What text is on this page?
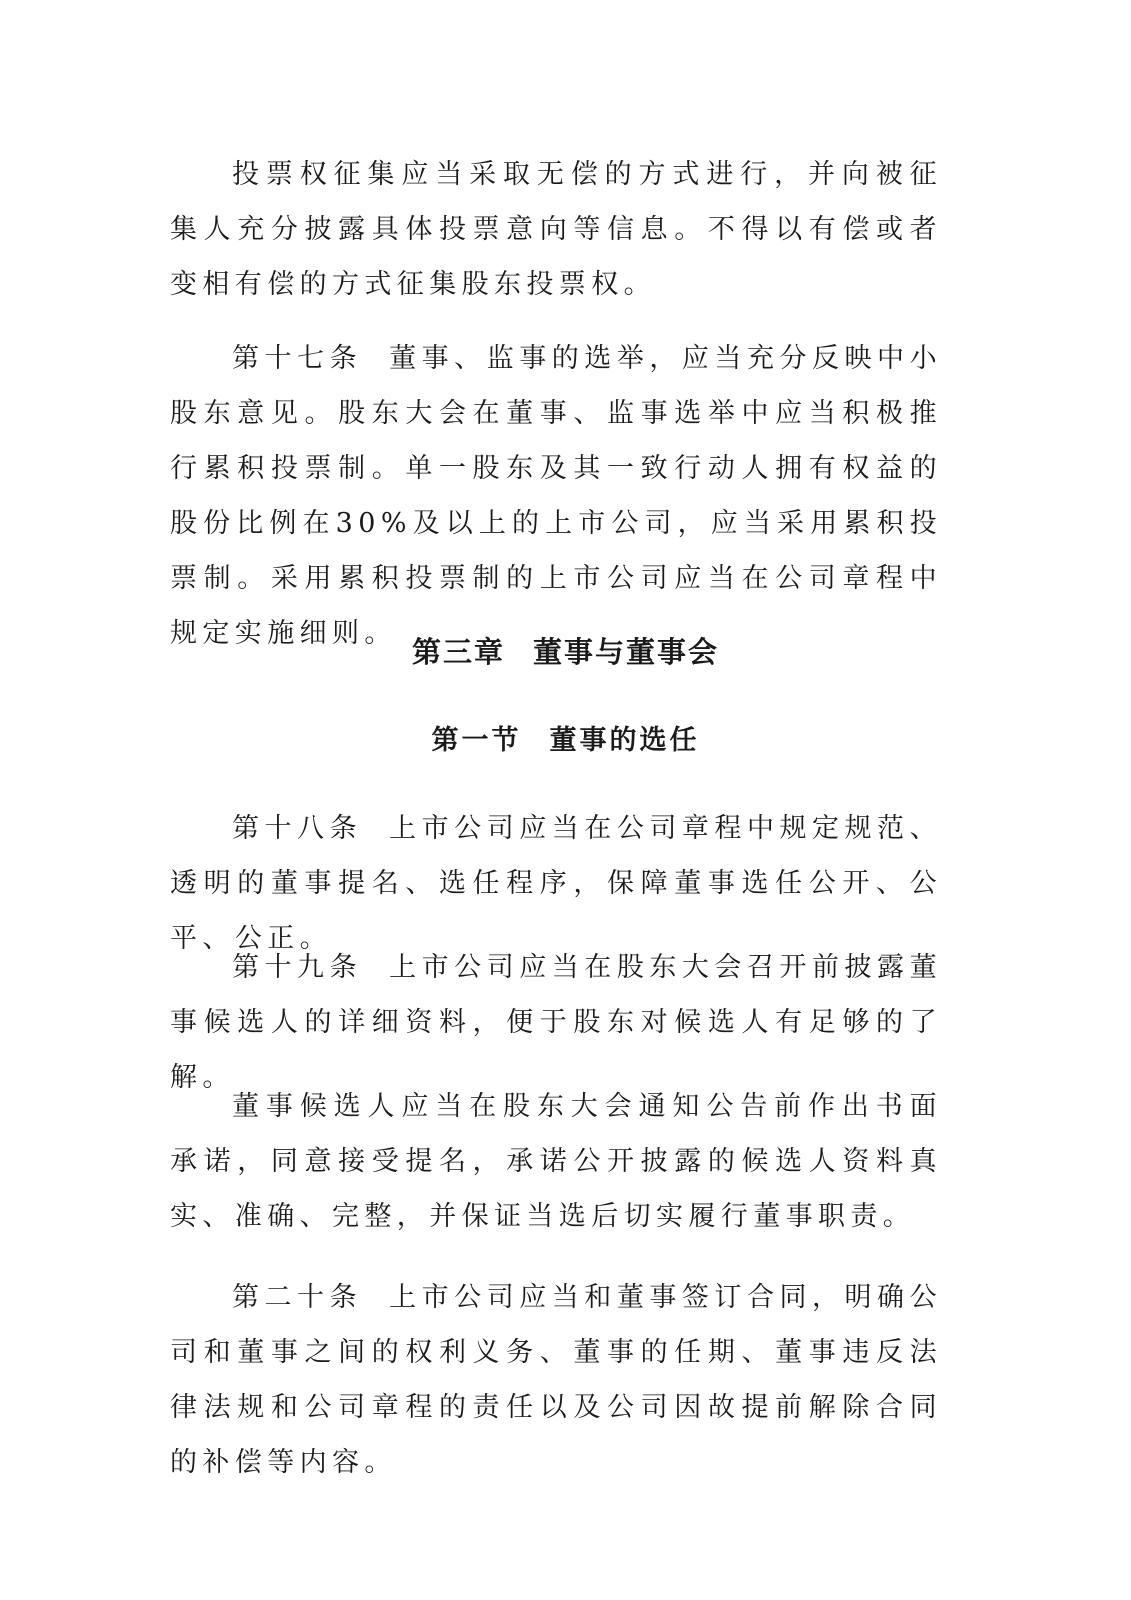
投票权征集应当采取无偿的方式进行，并向被征集人充分披露具体投票意向等信息。不得以有偿或者变相有偿的方式征集股东投票权。

第十七条 董事、监事的选举，应当充分反映中小股东意见。股东大会在董事、监事选举中应当积极推行累积投票制。单一股东及其一致行动人拥有权益的股份比例在30%及以上的上市公司，应当采用累积投票制。采用累积投票制的上市公司应当在公司章程中规定实施细则。

第三章 董事与董事会
第一节 董事的选任

第十八条 上市公司应当在公司章程中规定规范、透明的董事提名、选任程序，保障董事选任公开、公平、公正。

第十九条 上市公司应当在股东大会召开前披露董事候选人的详细资料，便于股东对候选人有足够的了解。

董事候选人应当在股东大会通知公告前作出书面承诺，同意接受提名，承诺公开披露的候选人资料真实、准确、完整，并保证当选后切实履行董事职责。

第二十条 上市公司应当和董事签订合同，明确公司和董事之间的权利义务、董事的任期、董事违反法律法规和公司章程的责任以及公司因故提前解除合同的补偿等内容。
